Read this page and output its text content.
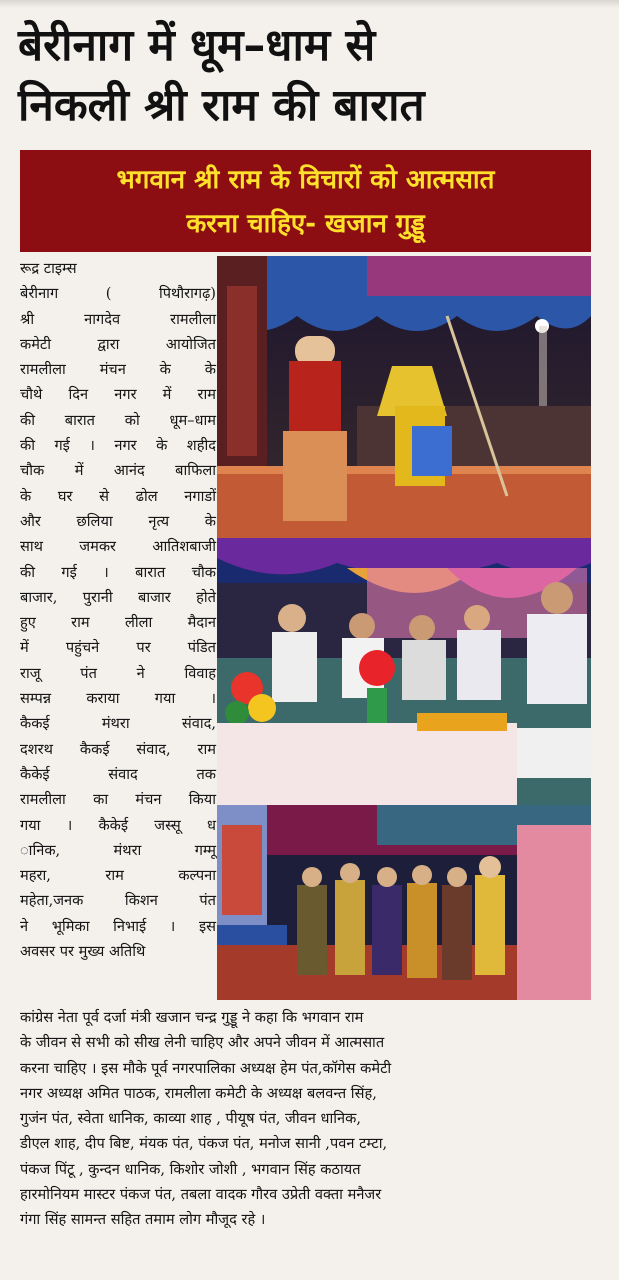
बेरीनाग में धूम–धाम से
निकली श्री राम की बारात
भगवान श्री राम के विचारों को आत्मसात
करना चाहिए- खजान गुड्डू
रूद्र टाइम्स
बेरीनाग ( पिथौरागढ़)
श्री नागदेव रामलीला
कमेटी द्वारा आयोजित
रामलीला मंचन के के
चौथे दिन नगर में राम
की बारात को धूम–धाम
की गई । नगर के शहीद
चौक में आनंद बाफिला
के घर से ढोल नगाडों
और छलिया नृत्य के
साथ जमकर आतिशबाजी
की गई । बारात चौक
बाजार, पुरानी बाजार होते
हुए राम लीला मैदान
में पहुंचने पर पंडित
राजू पंत ने विवाह
सम्पन्न कराया गया ।
कैकई मंथरा संवाद,
दशरथ कैकई संवाद, राम
कैकेई संवाद तक
रामलीला का मंचन किया
गया । कैकेई जस्सू ध
ानिक, मंथरा गम्मू
महरा, राम कल्पना
महेता,जनक किशन पंत
ने भूमिका निभाई । इस
अवसर पर मुख्य अतिथि
कांग्रेस नेता पूर्व दर्जा मंत्री खजान चन्द्र गुड्डू ने कहा कि भगवान राम
के जीवन से सभी को सीख लेनी चाहिए और अपने जीवन में आत्मसात
करना चाहिए । इस मौके पूर्व नगरपालिका अध्यक्ष हेम पंत,कॉगेस कमेटी
नगर अध्यक्ष अमित पाठक, रामलीला कमेटी के अध्यक्ष बलवन्त सिंह,
गुजंन पंत, स्वेता धानिक, काव्या शाह , पीयूष पंत, जीवन धानिक,
डीएल शाह, दीप बिष्ट, मंयक पंत, पंकज पंत, मनोज सानी ,पवन टम्टा,
पंकज पिंटू , कुन्दन धानिक, किशोर जोशी , भगवान सिंह कठायत
हारमोनियम मास्टर पंकज पंत, तबला वादक गौरव उप्रेती वक्ता मनैजर
गंगा सिंह सामन्त सहित तमाम लोग मौजूद रहे ।
